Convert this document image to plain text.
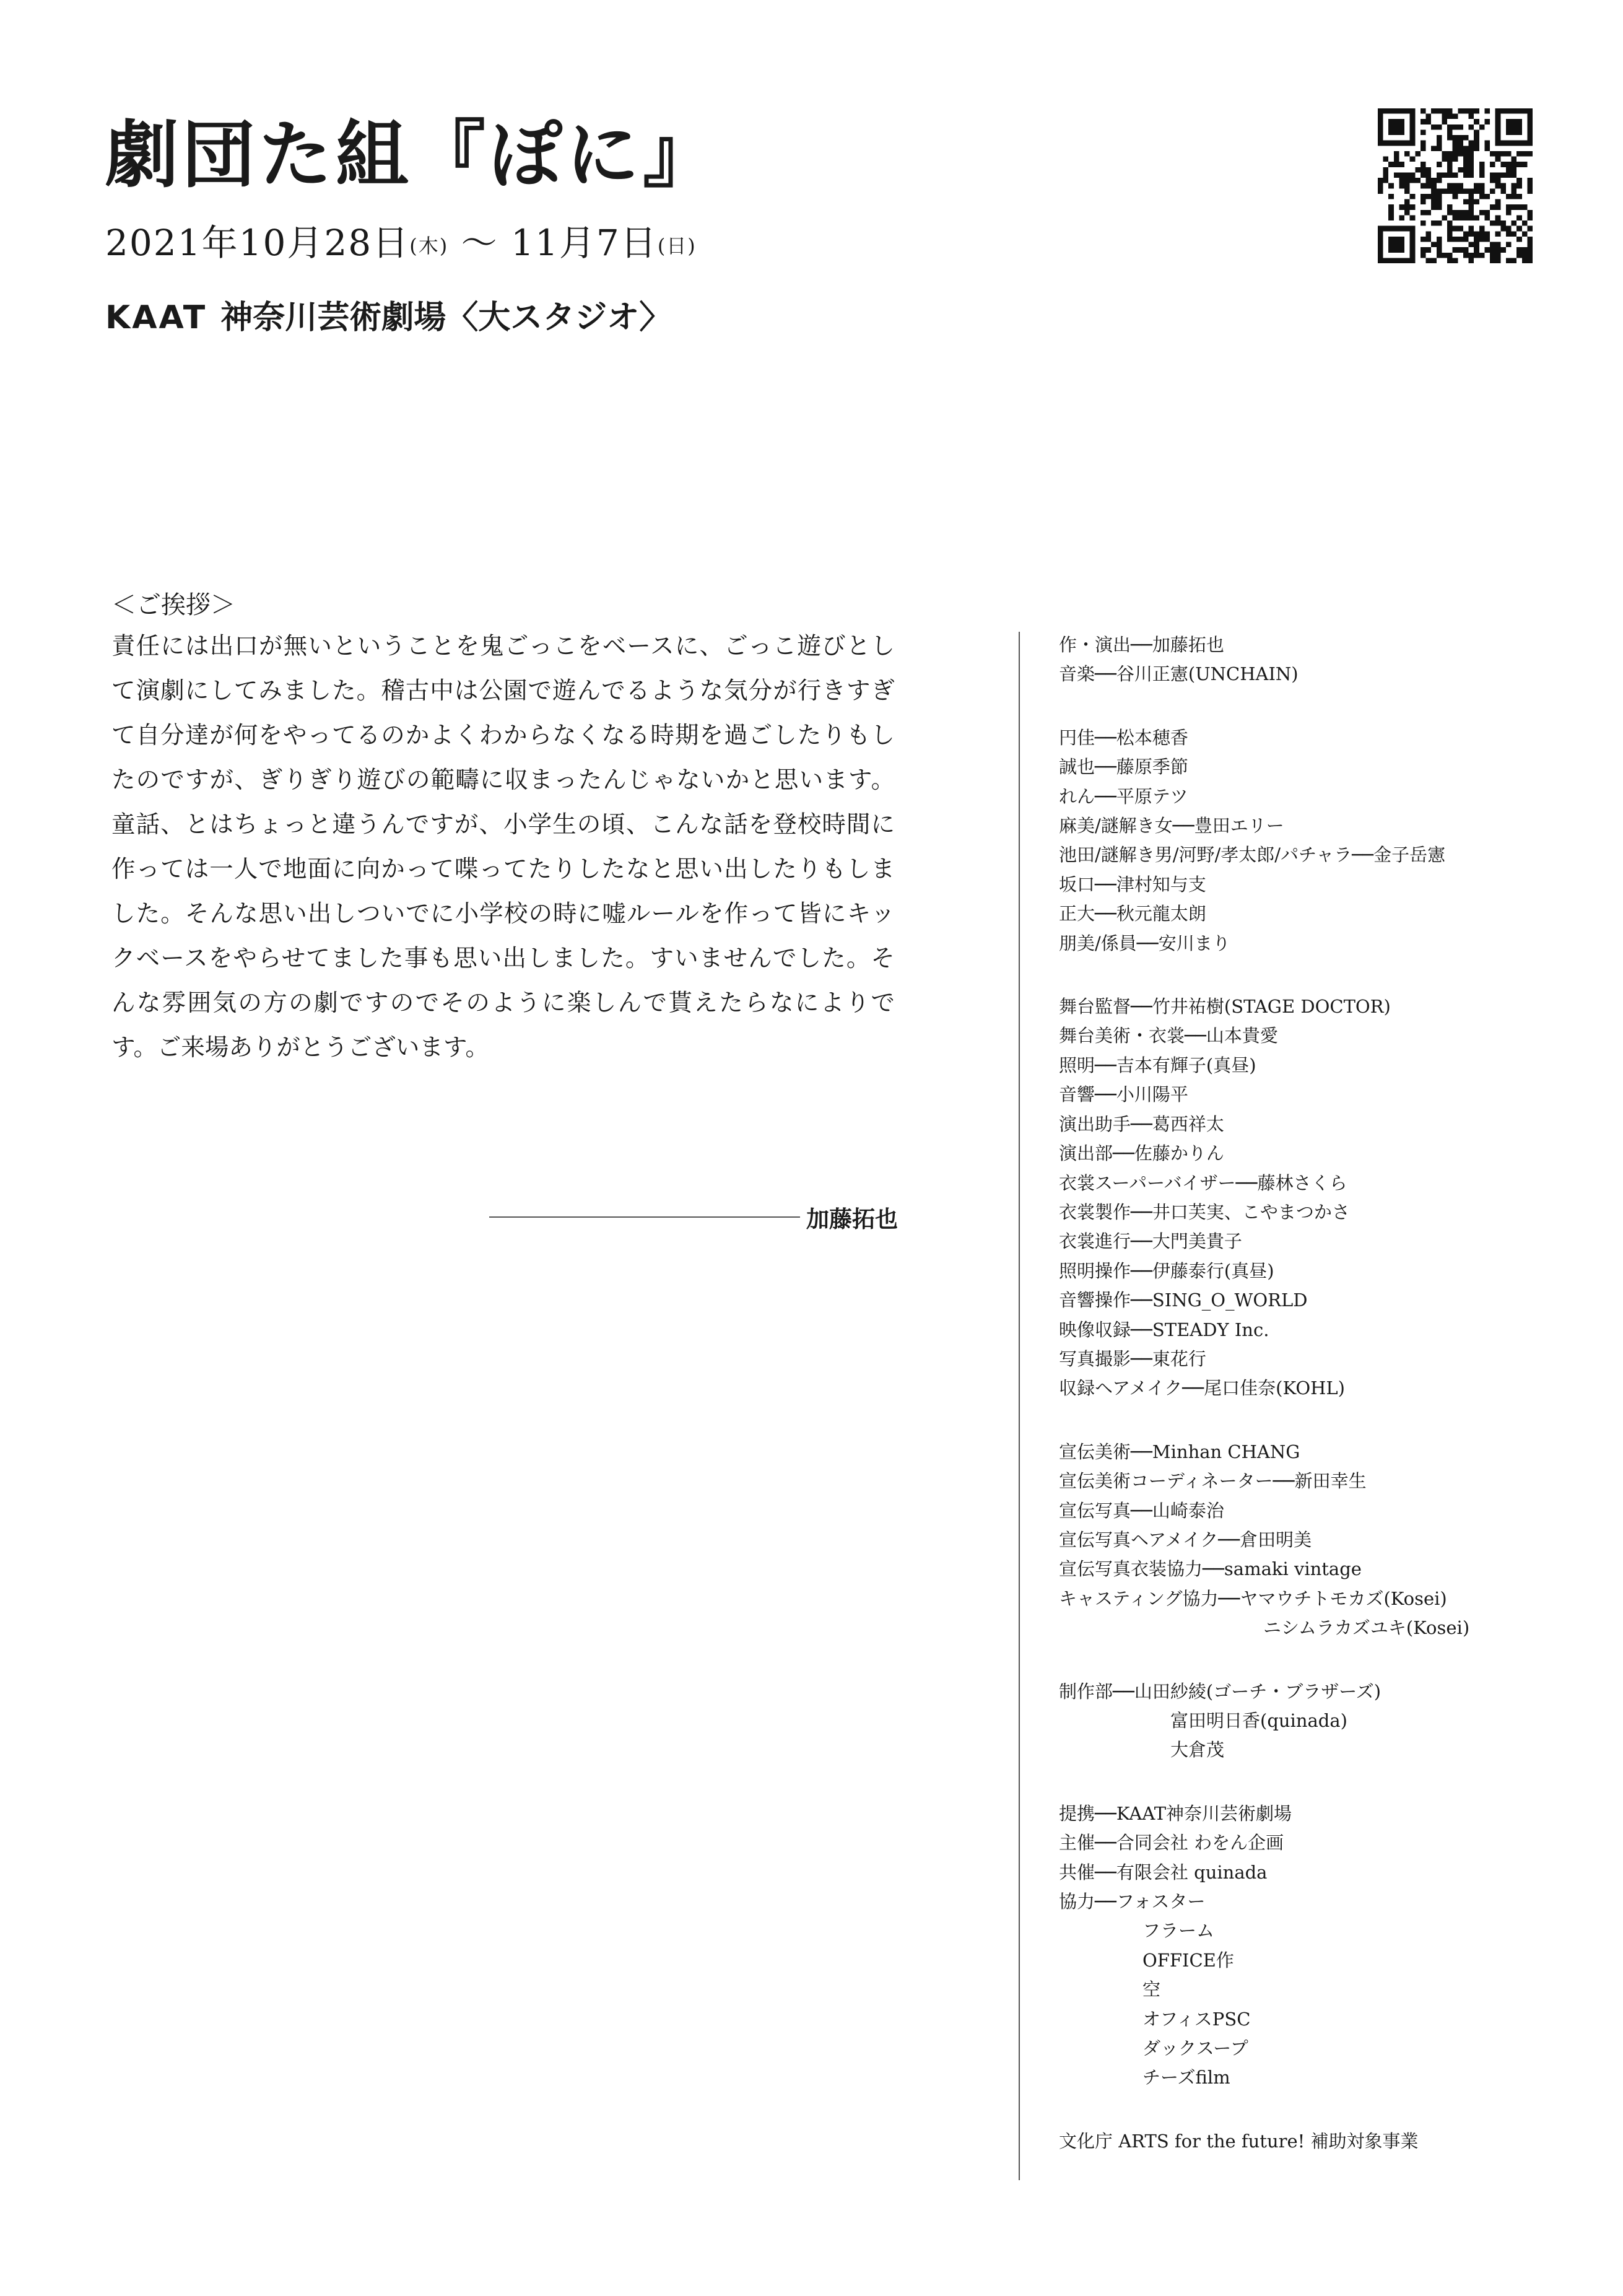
劇団た組『ぽに』
2021年10月28日(木) 〜 11月7日(日)
KAAT 神奈川芸術劇場〈大スタジオ〉
＜ご挨拶＞

責任には出口が無いということを鬼ごっこをベースに、ごっこ遊びとして演劇にしてみました。稽古中は公園で遊んでるような気分が行きすぎて自分達が何をやってるのかよくわからなくなる時期を過ごしたりもしたのですが、ぎりぎり遊びの範疇に収まったんじゃないかと思います。童話、とはちょっと違うんですが、小学生の頃、こんな話を登校時間に作っては一人で地面に向かって喋ってたりしたなと思い出したりもしました。そんな思い出しついでに小学校の時に嘘ルールを作って皆にキックベースをやらせてました事も思い出しました。すいませんでした。そんな雰囲気の方の劇ですのでそのように楽しんで貰えたらなによりです。ご来場ありがとうございます。

加藤拓也
作・演出──加藤拓也
音楽──谷川正憲(UNCHAIN)
円佳──松本穂香
誠也──藤原季節
れん──平原テツ
麻美/謎解き女──豊田エリー
池田/謎解き男/河野/孝太郎/パチャラ──金子岳憲
坂口──津村知与支
正大──秋元龍太朗
朋美/係員──安川まり
舞台監督──竹井祐樹(STAGE DOCTOR)
舞台美術・衣裳──山本貴愛
照明──吉本有輝子(真昼)
音響──小川陽平
演出助手──葛西祥太
演出部──佐藤かりん
衣裳スーパーバイザー──藤林さくら
衣裳製作──井口芙実、こやまつかさ
衣裳進行──大門美貴子
照明操作──伊藤泰行(真昼)
音響操作──SING_O_WORLD
映像収録──STEADY Inc.
写真撮影──東花行
収録ヘアメイク──尾口佳奈(KOHL)
宣伝美術──Minhan CHANG
宣伝美術コーディネーター──新田幸生
宣伝写真──山崎泰治
宣伝写真ヘアメイク──倉田明美
宣伝写真衣装協力──samaki vintage
キャスティング協力──ヤマウチトモカズ(Kosei)
ニシムラカズユキ(Kosei)
制作部──山田紗綾(ゴーチ・ブラザーズ)
富田明日香(quinada)
大倉茂
提携──KAAT神奈川芸術劇場
主催──合同会社 わをん企画
共催──有限会社 quinada
協力──フォスター
フラーム
OFFICE作
空
オフィスPSC
ダックスープ
チーズfilm
文化庁 ARTS for the future! 補助対象事業
